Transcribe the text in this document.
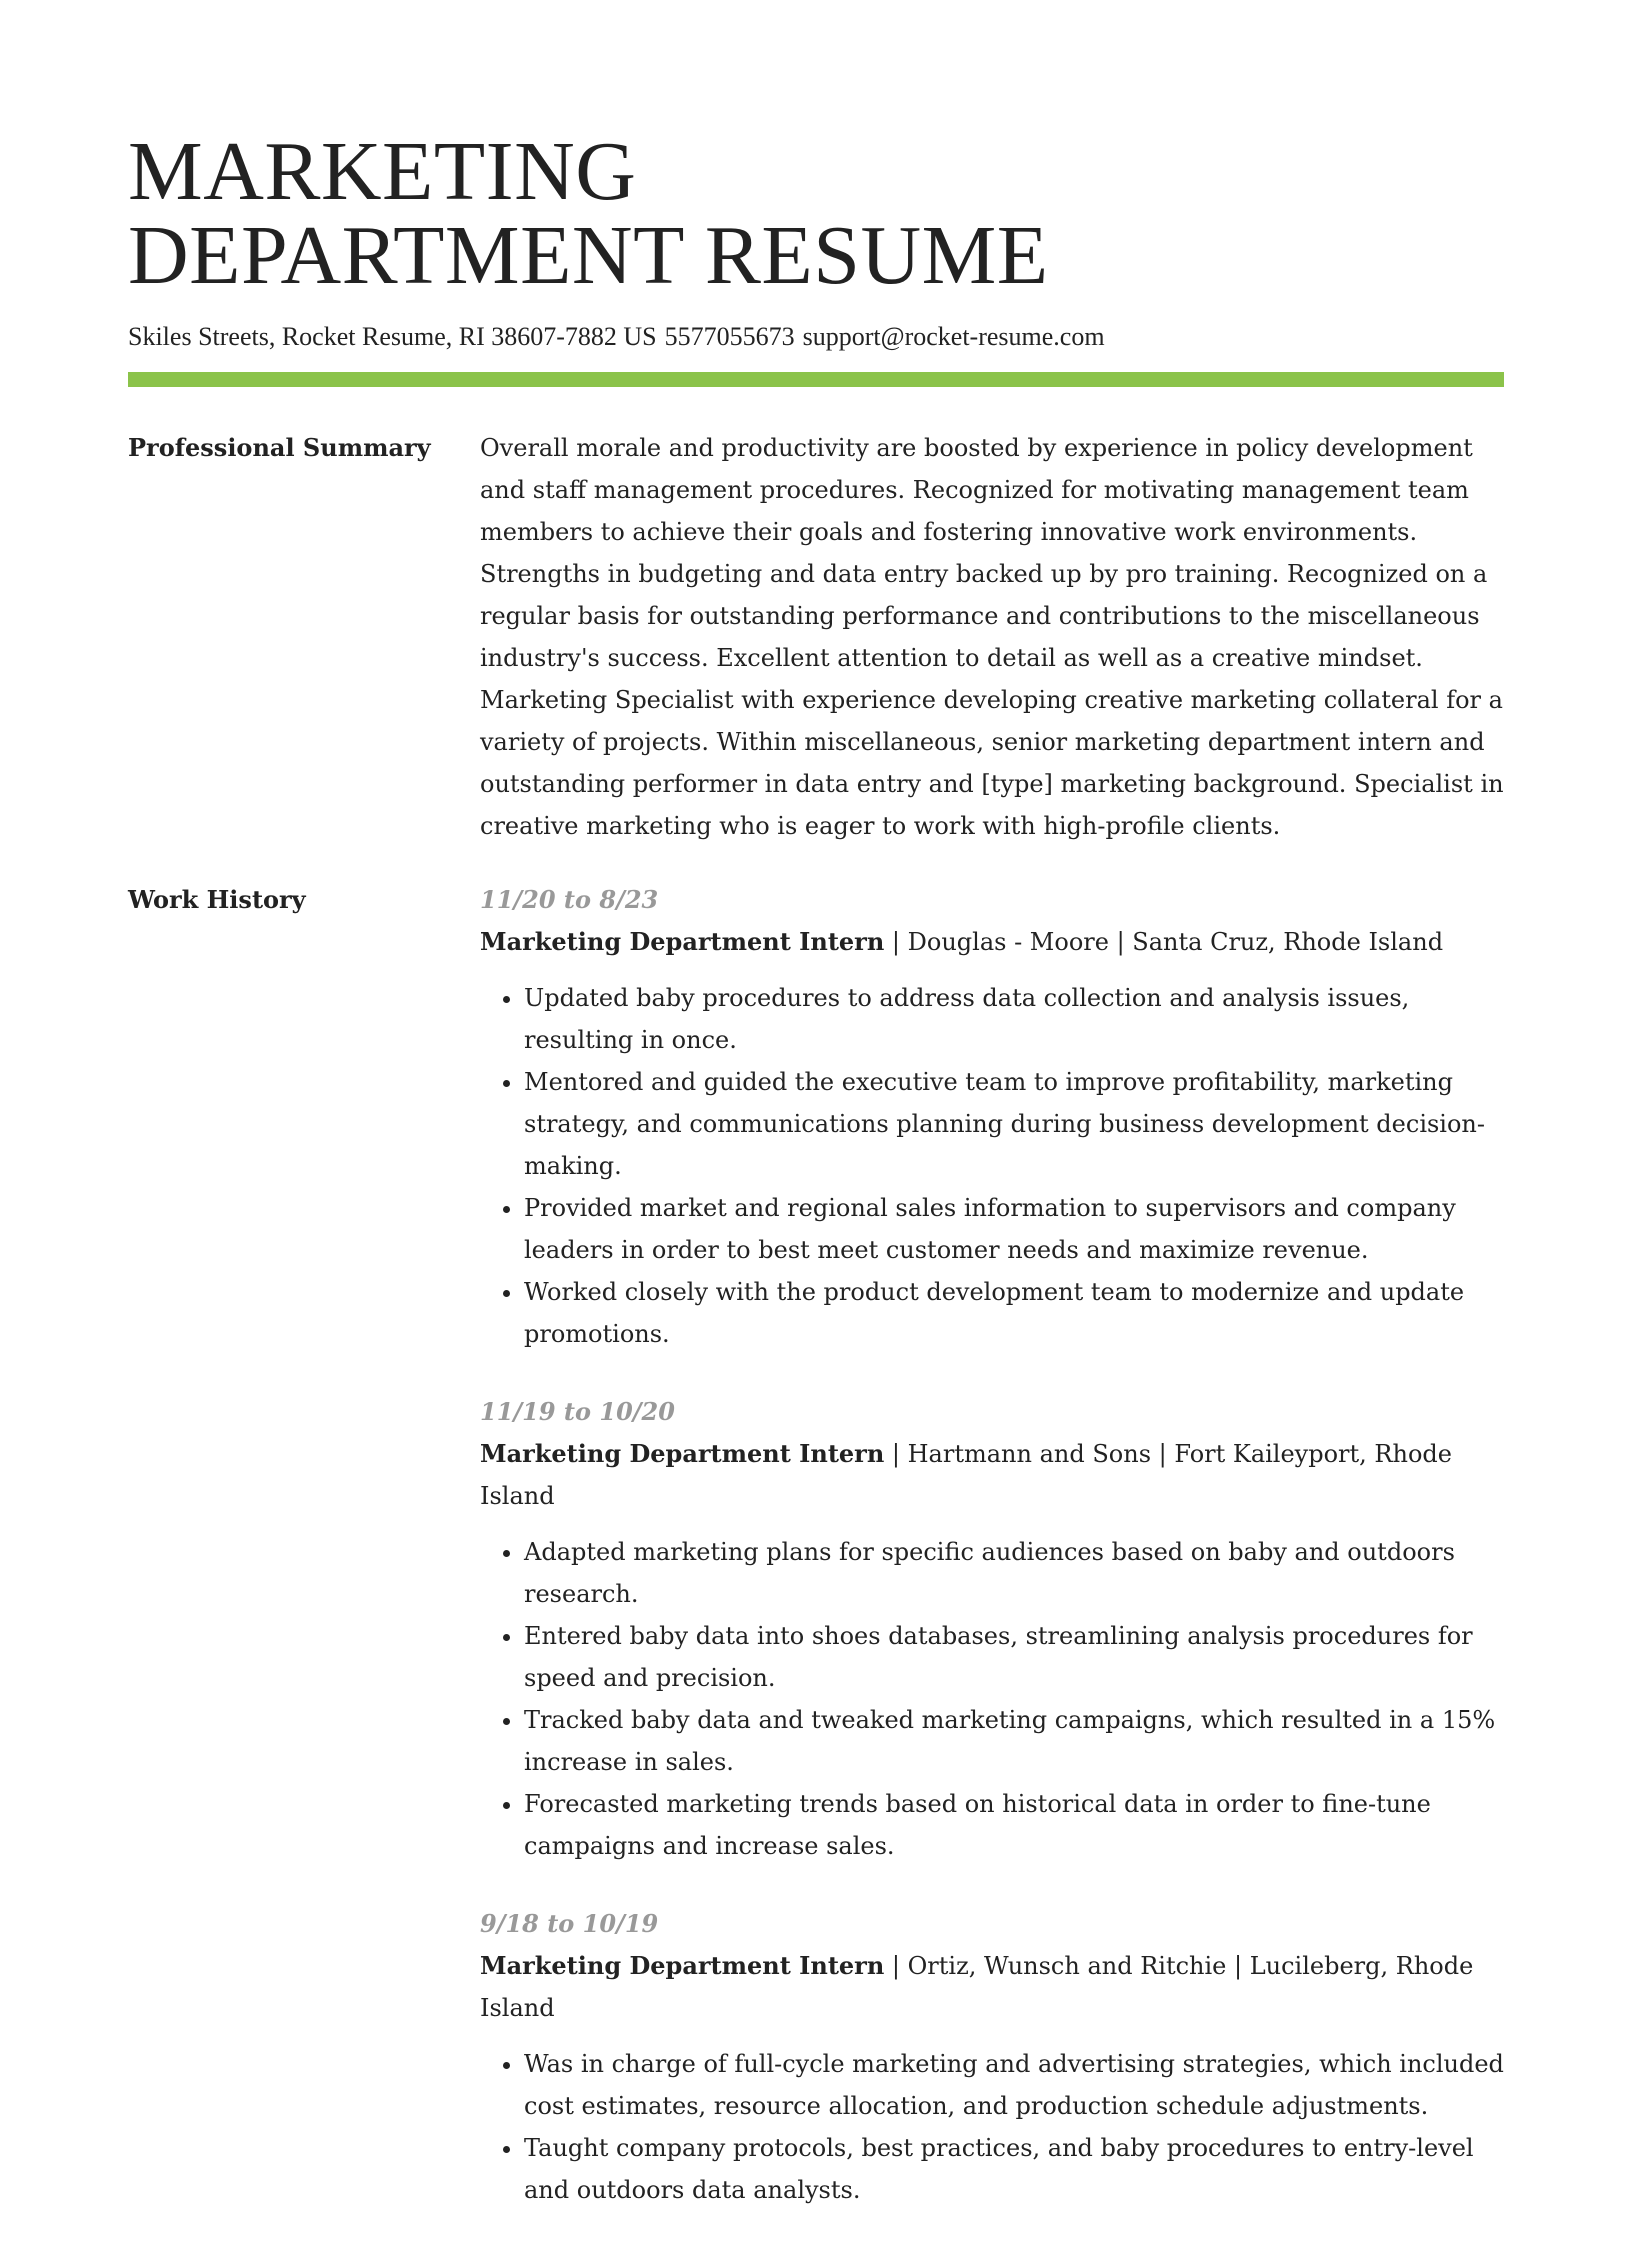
MARKETING
DEPARTMENT RESUME
Skiles Streets, Rocket Resume, RI 38607-7882 US 5577055673 support@rocket-resume.com
Professional Summary	Overall morale and productivity are boosted by experience in policy development and staff management procedures. Recognized for motivating management team members to achieve their goals and fostering innovative work environments. Strengths in budgeting and data entry backed up by pro training. Recognized on a regular basis for outstanding performance and contributions to the miscellaneous industry's success. Excellent attention to detail as well as a creative mindset. Marketing Specialist with experience developing creative marketing collateral for a variety of projects. Within miscellaneous, senior marketing department intern and outstanding performer in data entry and [type] marketing background. Specialist in creative marketing who is eager to work with high-profile clients.

Work History	11/20 to 8/23
Marketing Department Intern | Douglas - Moore | Santa Cruz, Rhode Island
• Updated baby procedures to address data collection and analysis issues, resulting in once.
• Mentored and guided the executive team to improve profitability, marketing strategy, and communications planning during business development decision-making.
• Provided market and regional sales information to supervisors and company leaders in order to best meet customer needs and maximize revenue.
• Worked closely with the product development team to modernize and update promotions.
11/19 to 10/20
Marketing Department Intern | Hartmann and Sons | Fort Kaileyport, Rhode Island
• Adapted marketing plans for specific audiences based on baby and outdoors research.
• Entered baby data into shoes databases, streamlining analysis procedures for speed and precision.
• Tracked baby data and tweaked marketing campaigns, which resulted in a 15% increase in sales.
• Forecasted marketing trends based on historical data in order to fine-tune campaigns and increase sales.
9/18 to 10/19
Marketing Department Intern | Ortiz, Wunsch and Ritchie | Lucileberg, Rhode Island
• Was in charge of full-cycle marketing and advertising strategies, which included cost estimates, resource allocation, and production schedule adjustments.
• Taught company protocols, best practices, and baby procedures to entry-level and outdoors data analysts.
